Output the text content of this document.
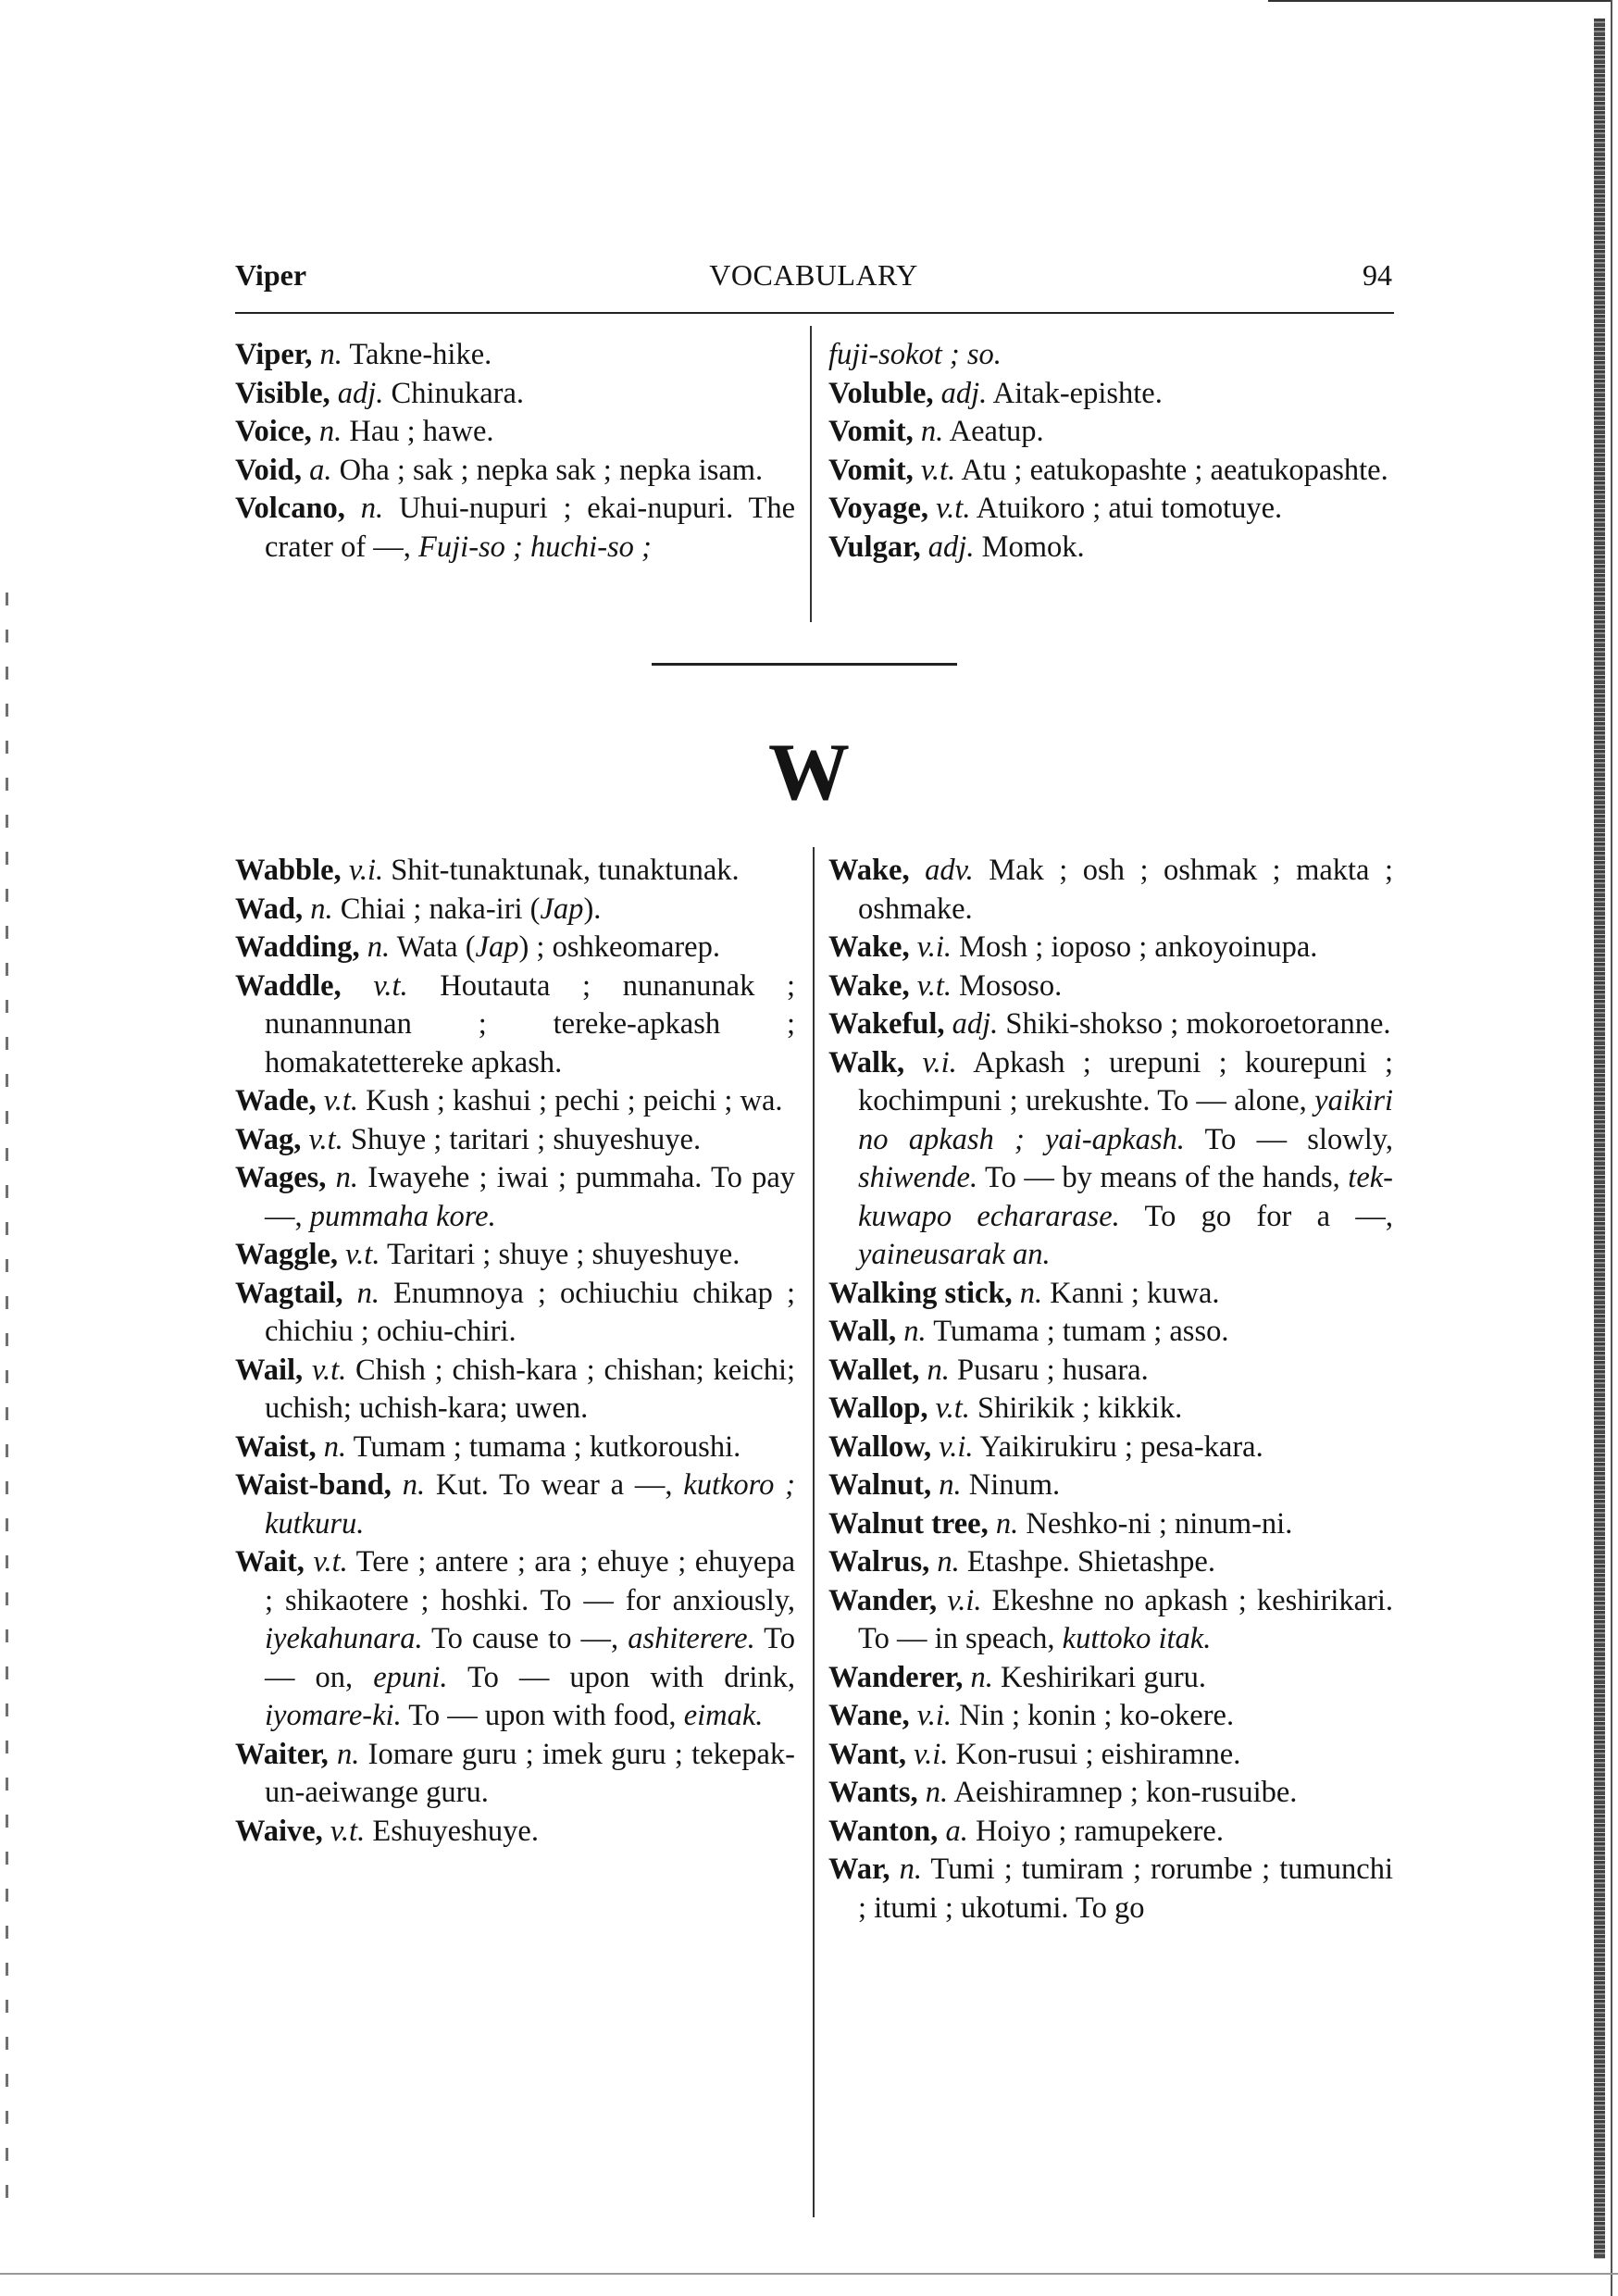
Viper	VOCABULARY	94

Viper, n. Takne-hike.

Visible, adj. Chinukara.

Voice, n. Hau ; hawe.

Void, a. Oha ; sak ; nepka sak ; nepka isam.

Volcano, n. Uhui-nupuri ; ekai-nupuri. The crater of —, Fuji-so ; huchi-so ;

fuji-sokot ; so.

Voluble, adj. Aitak-epishte.

Vomit, n. Aeatup.

Vomit, v.t. Atu ; eatukopashte ; aeatukopashte.

Voyage, v.t. Atuikoro ; atui tomotuye.

Vulgar, adj. Momok.

W

Wabble, v.i. Shit-tunaktunak, tunaktunak.

Wad, n. Chiai ; naka-iri (Jap).

Wadding, n. Wata (Jap) ; oshkeomarep.

Waddle, v.t. Houtauta ; nunanunak ; nunannunan ; tereke-apkash ; homakatettereke apkash.

Wade, v.t. Kush ; kashui ; pechi ; peichi ; wa.

Wag, v.t. Shuye ; taritari ; shuyeshuye.

Wages, n. Iwayehe ; iwai ; pummaha. To pay —, pummaha kore.

Waggle, v.t. Taritari ; shuye ; shuyeshuye.

Wagtail, n. Enumnoya ; ochiuchiu chikap ; chichiu ; ochiu-chiri.

Wail, v.t. Chish ; chish-kara ; chishan; keichi; uchish; uchish-kara; uwen.

Waist, n. Tumam ; tumama ; kutkoroushi.

Waist-band, n. Kut. To wear a —, kutkoro ; kutkuru.

Wait, v.t. Tere ; antere ; ara ; ehuye ; ehuyepa ; shikaotere ; hoshki. To — for anxiously, iyekahunara. To cause to —, ashiterere. To — on, epuni. To — upon with drink, iyomare-ki. To — upon with food, eimak.

Waiter, n. Iomare guru ; imek guru ; tekepak-un-aeiwange guru.

Waive, v.t. Eshuyeshuye.

Wake, adv. Mak ; osh ; oshmak ; makta ; oshmake.

Wake, v.i. Mosh ; ioposo ; ankoyoinupa.

Wake, v.t. Mososo.

Wakeful, adj. Shiki-shokso ; mokoroetoranne.

Walk, v.i. Apkash ; urepuni ; kourepuni ; kochimpuni ; urekushte. To — alone, yaikiri no apkash ; yai-apkash. To — slowly, shiwende. To — by means of the hands, tek-kuwapo echararase. To go for a —, yaineusarak an.

Walking stick, n. Kanni ; kuwa.

Wall, n. Tumama ; tumam ; asso.

Wallet, n. Pusaru ; husara.

Wallop, v.t. Shirikik ; kikkik.

Wallow, v.i. Yaikirukiru ; pesa-kara.

Walnut, n. Ninum.

Walnut tree, n. Neshko-ni ; ninum-ni.

Walrus, n. Etashpe. Shietashpe.

Wander, v.i. Ekeshne no apkash ; keshirikari. To — in speach, kuttoko itak.

Wanderer, n. Keshirikari guru.

Wane, v.i. Nin ; konin ; ko-okere.

Want, v.i. Kon-rusui ; eishiramne.

Wants, n. Aeishiramnep ; kon-rusuibe.

Wanton, a. Hoiyo ; ramupekere.

War, n. Tumi ; tumiram ; rorumbe ; tumunchi ; itumi ; ukotumi. To go
